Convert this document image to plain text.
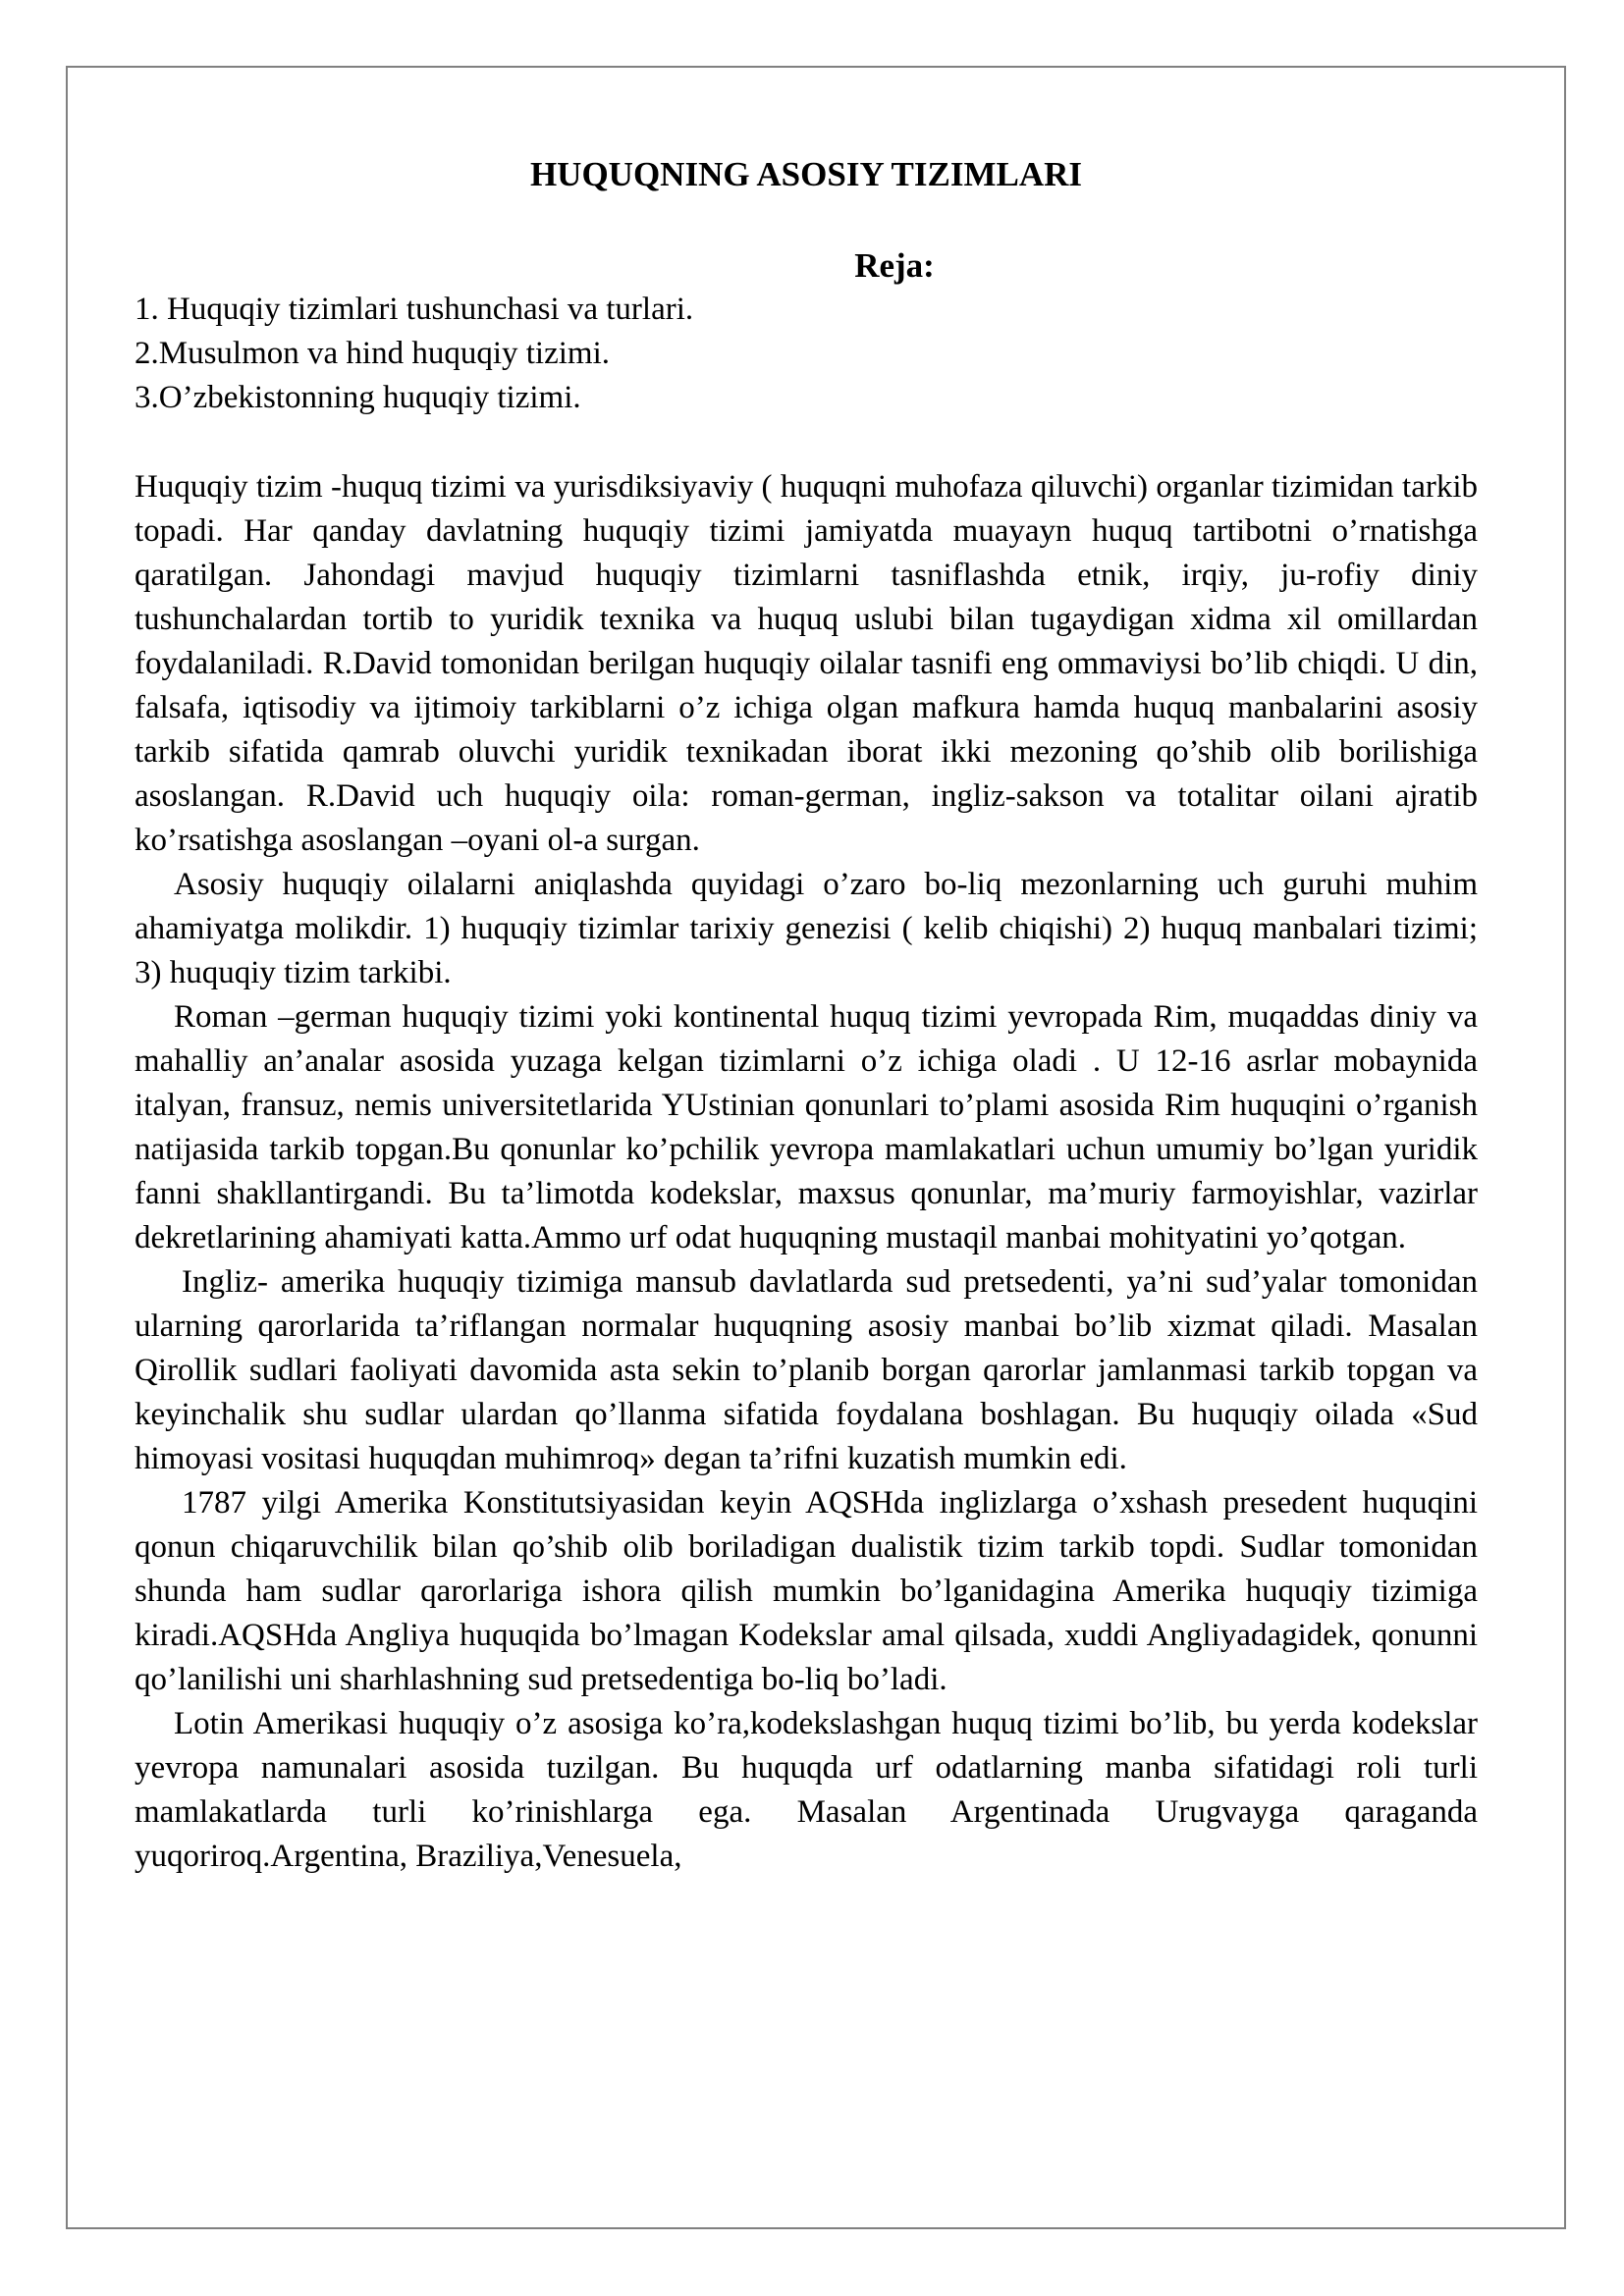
HUQUQNING ASOSIY TIZIMLARI
Reja:
1. Huquqiy tizimlari tushunchasi va turlari.
2.Musulmon va hind huquqiy tizimi.
3.O’zbekistonning huquqiy tizimi.

Huquqiy tizim -huquq tizimi va yurisdiksiyaviy ( huquqni muhofaza qiluvchi) organlar tizimidan tarkib topadi. Har qanday davlatning huquqiy tizimi jamiyatda muayayn huquq tartibotni o’rnatishga qaratilgan. Jahondagi mavjud huquqiy tizimlarni tasniflashda etnik, irqiy, ju-rofiy diniy tushunchalardan tortib to yuridik texnika va huquq uslubi bilan tugaydigan xidma xil omillardan foydalaniladi. R.David tomonidan berilgan huquqiy oilalar tasnifi eng ommaviysi bo’lib chiqdi. U din, falsafa, iqtisodiy va ijtimoiy tarkiblarni o’z ichiga olgan mafkura hamda huquq manbalarini asosiy tarkib sifatida qamrab oluvchi yuridik texnikadan iborat ikki mezoning qo’shib olib borilishiga asoslangan. R.David uch huquqiy oila: roman-german, ingliz-sakson va totalitar oilani ajratib ko’rsatishga asoslangan –oyani ol-a surgan.

Asosiy huquqiy oilalarni aniqlashda quyidagi o’zaro bo-liq mezonlarning uch guruhi muhim ahamiyatga molikdir. 1) huquqiy tizimlar tarixiy genezisi ( kelib chiqishi) 2) huquq manbalari tizimi; 3) huquqiy tizim tarkibi.

Roman –german huquqiy tizimi yoki kontinental huquq tizimi yevropada Rim, muqaddas diniy va mahalliy an’analar asosida yuzaga kelgan tizimlarni o’z ichiga oladi . U 12-16 asrlar mobaynida italyan, fransuz, nemis universitetlarida YUstinian qonunlari to’plami asosida Rim huquqini o’rganish natijasida tarkib topgan.Bu qonunlar ko’pchilik yevropa mamlakatlari uchun umumiy bo’lgan yuridik fanni shakllantirgandi. Bu ta’limotda kodekslar, maxsus qonunlar, ma’muriy farmoyishlar, vazirlar dekretlarining ahamiyati katta.Ammo urf odat huquqning mustaqil manbai mohityatini yo’qotgan.

Ingliz- amerika huquqiy tizimiga mansub davlatlarda sud pretsedenti, ya’ni sud’yalar tomonidan ularning qarorlarida ta’riflangan normalar huquqning asosiy manbai bo’lib xizmat qiladi. Masalan Qirollik sudlari faoliyati davomida asta sekin to’planib borgan qarorlar jamlanmasi tarkib topgan va keyinchalik shu sudlar ulardan qo’llanma sifatida foydalana boshlagan. Bu huquqiy oilada «Sud himoyasi vositasi huquqdan muhimroq» degan ta’rifni kuzatish mumkin edi.

1787 yilgi Amerika Konstitutsiyasidan keyin AQSHda inglizlarga o’xshash presedent huquqini qonun chiqaruvchilik bilan qo’shib olib boriladigan dualistik tizim tarkib topdi. Sudlar tomonidan shunda ham sudlar qarorlariga ishora qilish mumkin bo’lganidagina Amerika huquqiy tizimiga kiradi.AQSHda Angliya huquqida bo’lmagan Kodekslar amal qilsada, xuddi Angliyadagidek, qonunni qo’lanilishi uni sharhlashning sud pretsedentiga bo-liq bo’ladi.

Lotin Amerikasi huquqiy o’z asosiga ko’ra,kodekslashgan huquq tizimi bo’lib, bu yerda kodekslar yevropa namunalari asosida tuzilgan. Bu huquqda urf odatlarning manba sifatidagi roli turli mamlakatlarda turli ko’rinishlarga ega. Masalan Argentinada Urugvayga qaraganda yuqoriroq.Argentina, Braziliya,Venesuela,
